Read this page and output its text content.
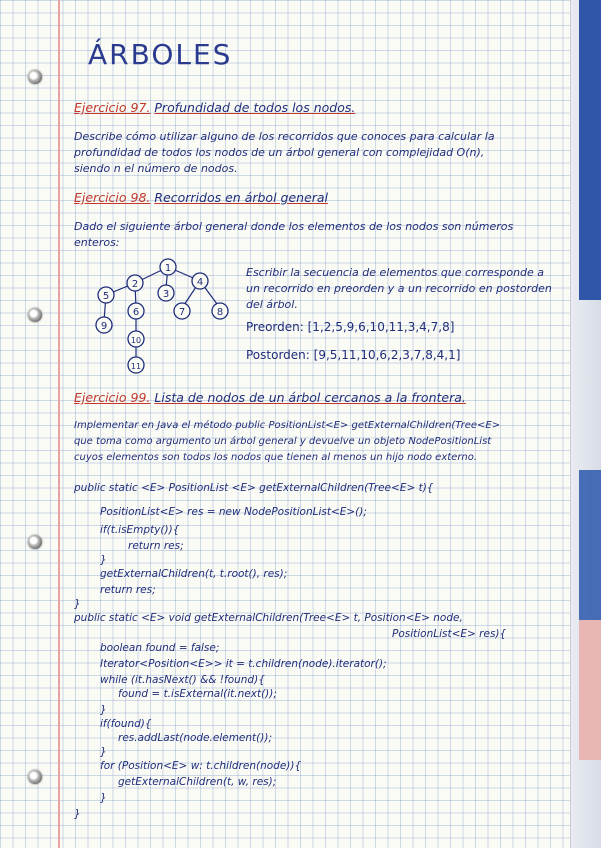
ÁRBOLES
Ejercicio 97. Profundidad de todos los nodos.
Describe cómo utilizar alguno de los recorridos que conoces para calcular la
profundidad de todos los nodos de un árbol general con complejidad O(n),
siendo n el número de nodos.
Ejercicio 98. Recorridos en árbol general
Dado el siguiente árbol general donde los elementos de los nodos son números
enteros:
1
2
3
4
5
6	7	8
9
10
11
Escribir la secuencia de elementos que corresponde a
un recorrido en preorden y a un recorrido en postorden
del árbol.
Preorden: [1,2,5,9,6,10,11,3,4,7,8]
Postorden: [9,5,11,10,6,2,3,7,8,4,1]
Ejercicio 99. Lista de nodos de un árbol cercanos a la frontera.
Implementar en Java el método public PositionList<E> getExternalChildren(Tree<E>
que toma como argumento un árbol general y devuelve un objeto NodePositionList
cuyos elementos son todos los nodos que tienen al menos un hijo nodo externo.
public static <E> PositionList <E> getExternalChildren(Tree<E> t){
PositionList<E> res = new NodePositionList<E>();
if(t.isEmpty()){
return res;
}
getExternalChildren(t, t.root(), res);
return res;
}
public static <E> void getExternalChildren(Tree<E> t, Position<E> node,
PositionList<E> res){
boolean found = false;
Iterator<Position<E>> it = t.children(node).iterator();
while (it.hasNext() && !found){
found = t.isExternal(it.next());
}
if(found){
res.addLast(node.element());
}
for (Position<E> w: t.children(node)){
getExternalChildren(t, w, res);
}
}
